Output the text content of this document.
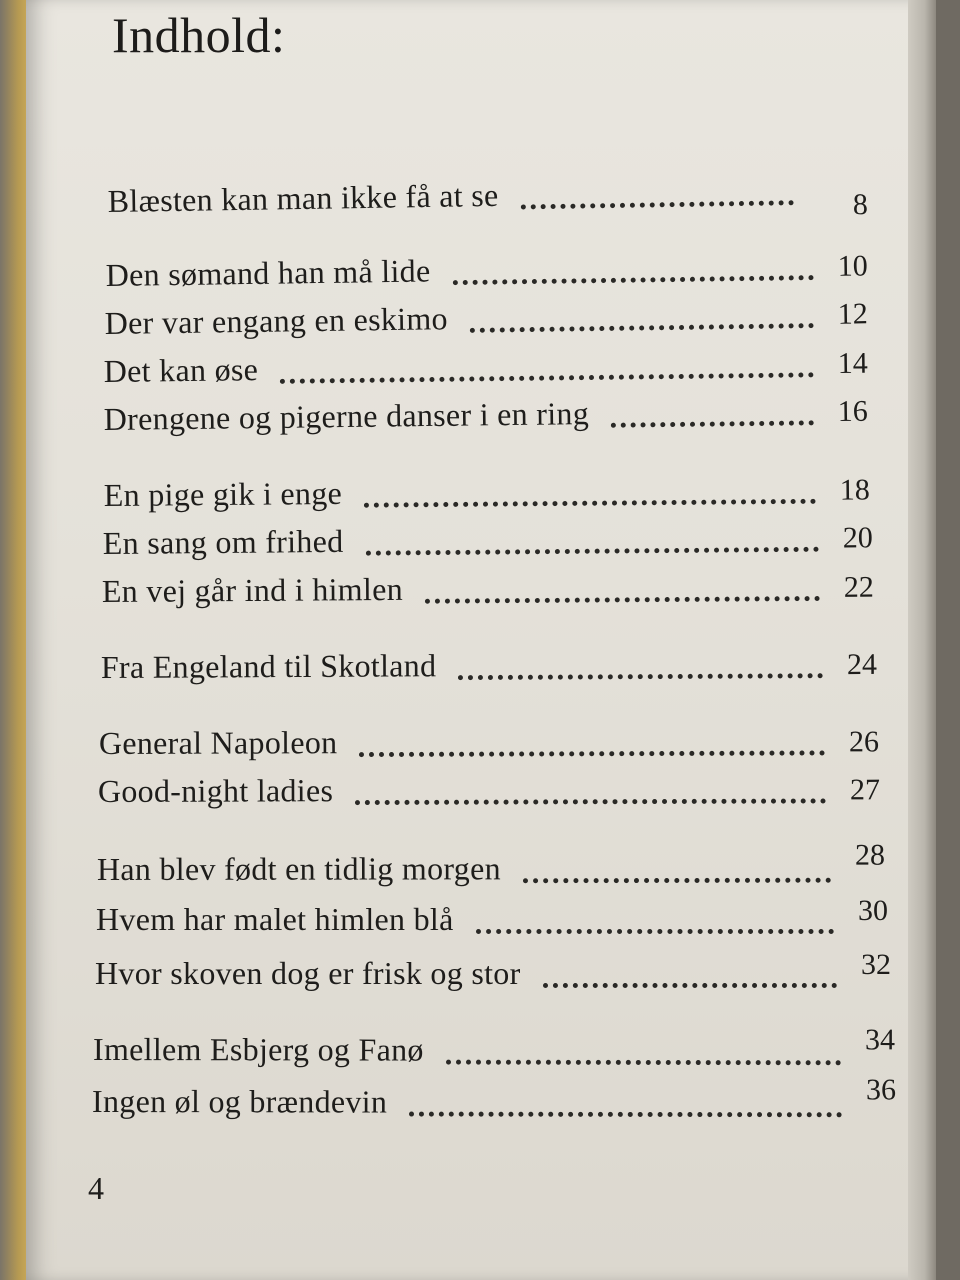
Indhold:
Blæsten kan man ikke få at se	8
Den sømand han må lide	10
Der var engang en eskimo	12
Det kan øse	14
Drengene og pigerne danser i en ring	16
En pige gik i enge	18
En sang om frihed	20
En vej går ind i himlen	22
Fra Engeland til Skotland	24
General Napoleon	26
Good-night ladies	27
Han blev født en tidlig morgen	28
Hvem har malet himlen blå	30
Hvor skoven dog er frisk og stor	32
Imellem Esbjerg og Fanø	34
Ingen øl og brændevin	36
4
